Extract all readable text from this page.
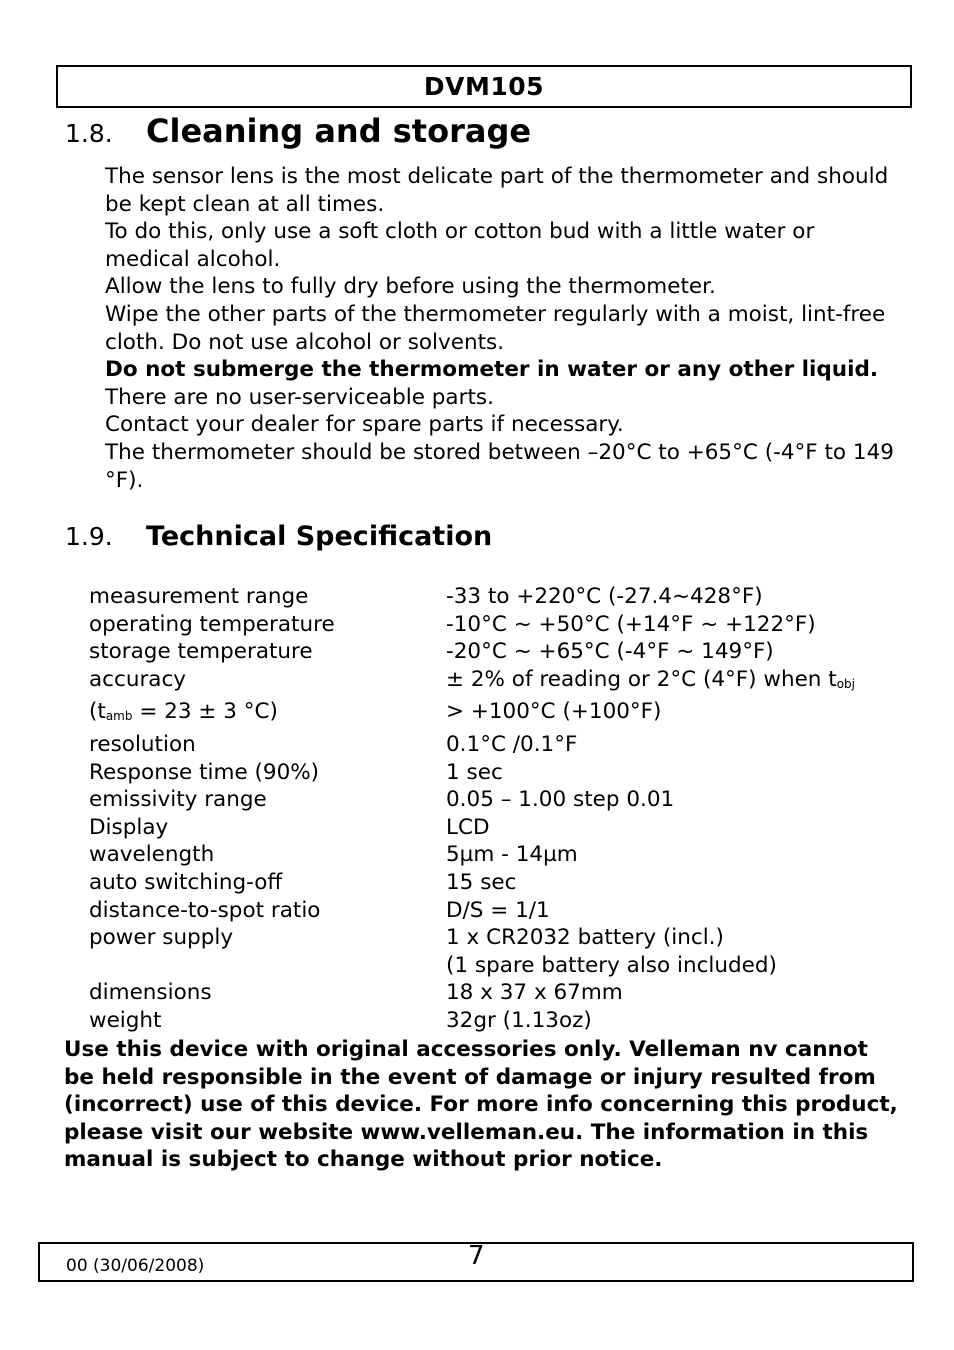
DVM105
1.8.	Cleaning and storage

The sensor lens is the most delicate part of the thermometer and should be kept clean at all times.

To do this, only use a soft cloth or cotton bud with a little water or medical alcohol.

Allow the lens to fully dry before using the thermometer.

Wipe the other parts of the thermometer regularly with a moist, lint-free cloth. Do not use alcohol or solvents.

Do not submerge the thermometer in water or any other liquid.

There are no user-serviceable parts.

Contact your dealer for spare parts if necessary.

The thermometer should be stored between –20°C to +65°C (-4°F to 149 °F).

1.9.	Technical Specification
measurement range	-33 to +220°C (-27.4~428°F)
operating temperature	-10°C ~ +50°C (+14°F ~ +122°F)
storage temperature	-20°C ~ +65°C (-4°F ~ 149°F)
accuracy	± 2% of reading or 2°C (4°F) when tobj
(tamb = 23 ± 3 °C)	> +100°C (+100°F)
resolution	0.1°C /0.1°F
Response time (90%)	1 sec
emissivity range	0.05 – 1.00 step 0.01
Display	LCD
wavelength	5µm - 14µm
auto switching-off	15 sec
distance-to-spot ratio	D/S = 1/1
power supply	1 x CR2032 battery (incl.)
(1 spare battery also included)
dimensions	18 x 37 x 67mm
weight	32gr (1.13oz)

Use this device with original accessories only. Velleman nv cannot be held responsible in the event of damage or injury resulted from (incorrect) use of this device. For more info concerning this product, please visit our website www.velleman.eu. The information in this manual is subject to change without prior notice.

00 (30/06/2008)	7
